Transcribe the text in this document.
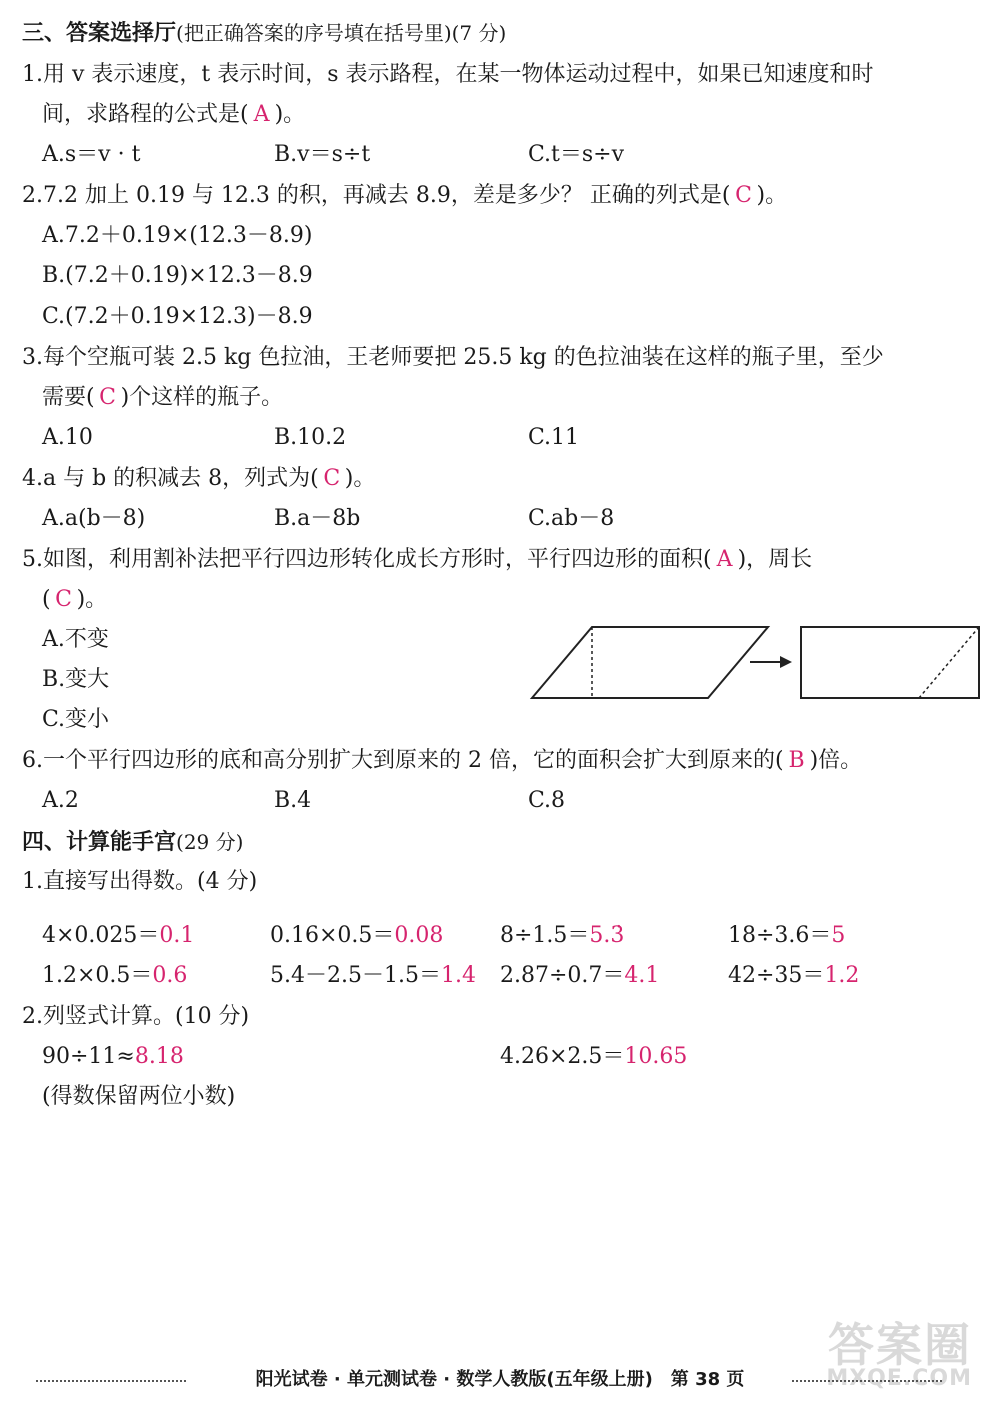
三、答案选择厅(把正确答案的序号填在括号里)(7 分)
1.用 v 表示速度，t 表示时间，s 表示路程，在某一物体运动过程中，如果已知速度和时
间，求路程的公式是( A )。
A.s＝v · t	B.v＝s÷t	C.t＝s÷v
2.7.2 加上 0.19 与 12.3 的积，再减去 8.9，差是多少？ 正确的列式是( C )。
A.7.2＋0.19×(12.3－8.9)
B.(7.2＋0.19)×12.3－8.9
C.(7.2＋0.19×12.3)－8.9
3.每个空瓶可装 2.5 kg 色拉油，王老师要把 25.5 kg 的色拉油装在这样的瓶子里，至少
需要( C )个这样的瓶子。
A.10	B.10.2	C.11
4.a 与 b 的积减去 8，列式为( C )。
A.a(b－8)	B.a－8b	C.ab－8
5.如图，利用割补法把平行四边形转化成长方形时，平行四边形的面积( A )，周长
( C )。
A.不变
B.变大
C.变小
6.一个平行四边形的底和高分别扩大到原来的 2 倍，它的面积会扩大到原来的( B )倍。
A.2	B.4	C.8
四、计算能手宫(29 分)
1.直接写出得数。(4 分)
4×0.025＝0.1	0.16×0.5＝0.08	8÷1.5＝5.3̇	18÷3.6＝5
1.2×0.5＝0.6	5.4－2.5－1.5＝1.4 2.87÷0.7＝4.1	42÷35＝1.2
2.列竖式计算。(10 分)
90÷11≈8.18	4.26×2.5＝10.65
(得数保留两位小数)
答案圈
MXQE.COM
阳光试卷 · 单元测试卷 · 数学人教版(五年级上册)　第 38 页
